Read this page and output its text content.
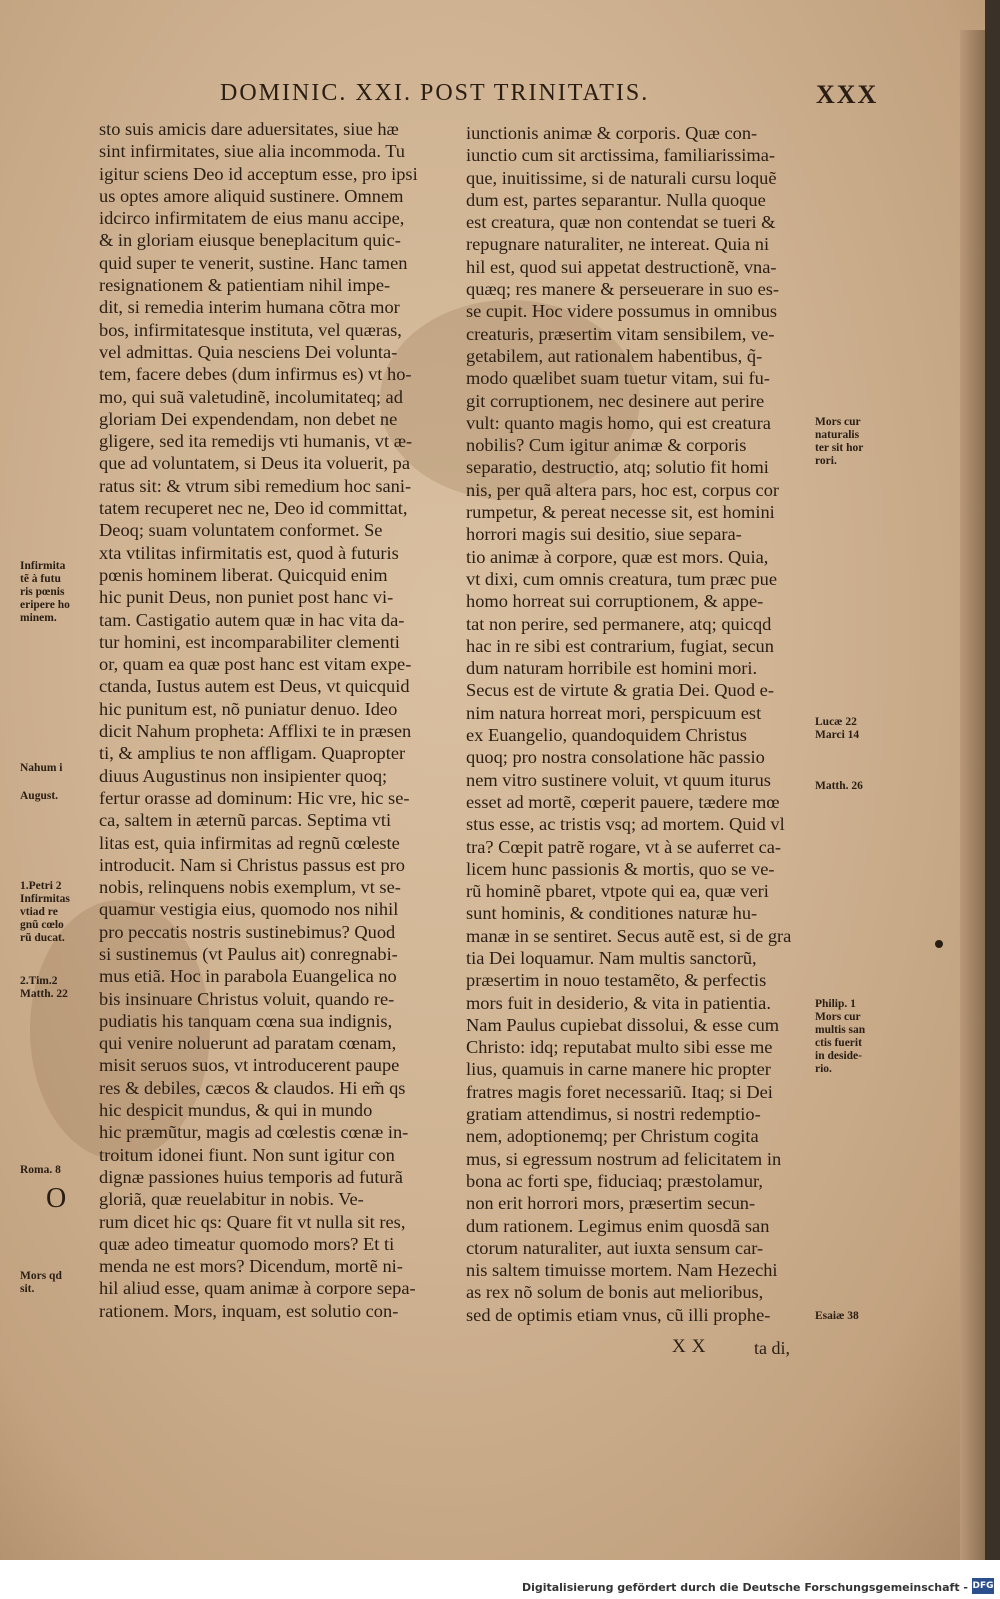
DOMINIC. XXI. POST TRINITATIS.	XXX
sto suis amicis dare aduersitates, siue hæ
sint infirmitates, siue alia incommoda. Tu
igitur sciens Deo id acceptum esse, pro ipsi
us optes amore aliquid sustinere. Omnem
idcirco infirmitatem de eius manu accipe,
& in gloriam eiusque beneplacitum quic-
quid super te venerit, sustine. Hanc tamen
resignationem & patientiam nihil impe-
dit, si remedia interim humana cõtra mor
bos, infirmitatesque instituta, vel quæras,
vel admittas. Quia nesciens Dei volunta-
tem, facere debes (dum infirmus es) vt ho-
mo, qui suã valetudinẽ, incolumitateq; ad
gloriam Dei expendendam, non debet ne
gligere, sed ita remedijs vti humanis, vt æ-
que ad voluntatem, si Deus ita voluerit, pa
ratus sit: & vtrum sibi remedium hoc sani-
tatem recuperet nec ne, Deo id committat,
Deoq; suam voluntatem conformet. Se
xta vtilitas infirmitatis est, quod à futuris
pœnis hominem liberat. Quicquid enim
hic punit Deus, non puniet post hanc vi-
tam. Castigatio autem quæ in hac vita da-
tur homini, est incomparabiliter clementi
or, quam ea quæ post hanc est vitam expe-
ctanda, Iustus autem est Deus, vt quicquid
hic punitum est, nõ puniatur denuo. Ideo
dicit Nahum propheta: Afflixi te in præsen
ti, & amplius te non affligam. Quapropter
diuus Augustinus non insipienter quoq;
fertur orasse ad dominum: Hic vre, hic se-
ca, saltem in æternũ parcas. Septima vti
litas est, quia infirmitas ad regnũ cœleste
introducit. Nam si Christus passus est pro
nobis, relinquens nobis exemplum, vt se-
quamur vestigia eius, quomodo nos nihil
pro peccatis nostris sustinebimus? Quod
si sustinemus (vt Paulus ait) conregnabi-
mus etiã. Hoc in parabola Euangelica no
bis insinuare Christus voluit, quando re-
pudiatis his tanquam cœna sua indignis,
qui venire noluerunt ad paratam cœnam,
misit seruos suos, vt introducerent paupe
res & debiles, cæcos & claudos. Hi em̃ qs
hic despicit mundus, & qui in mundo
hic præmũtur, magis ad cœlestis cœnæ in-
troitum idonei fiunt. Non sunt igitur con
dignæ passiones huius temporis ad futurã
gloriã, quæ reuelabitur in nobis. Ve-
rum dicet hic qs: Quare fit vt nulla sit res,
quæ adeo timeatur quomodo mors? Et ti
menda ne est mors? Dicendum, mortẽ ni-
hil aliud esse, quam animæ à corpore sepa-
rationem. Mors, inquam, est solutio con-
iunctionis animæ & corporis. Quæ con-
iunctio cum sit arctissima, familiarissima-
que, inuitissime, si de naturali cursu loquẽ
dum est, partes separantur. Nulla quoque
est creatura, quæ non contendat se tueri &
repugnare naturaliter, ne intereat. Quia ni
hil est, quod sui appetat destructionẽ, vna-
quæq; res manere & perseuerare in suo es-
se cupit. Hoc videre possumus in omnibus
creaturis, præsertim vitam sensibilem, ve-
getabilem, aut rationalem habentibus, q̃-
modo quælibet suam tuetur vitam, sui fu-
git corruptionem, nec desinere aut perire
vult: quanto magis homo, qui est creatura
nobilis? Cum igitur animæ & corporis
separatio, destructio, atq; solutio fit homi
nis, per quã altera pars, hoc est, corpus cor
rumpetur, & pereat necesse sit, est homini
horrori magis sui desitio, siue separa-
tio animæ à corpore, quæ est mors. Quia,
vt dixi, cum omnis creatura, tum præc pue
homo horreat sui corruptionem, & appe-
tat non perire, sed permanere, atq; quicqd
hac in re sibi est contrarium, fugiat, secun
dum naturam horribile est homini mori.
Secus est de virtute & gratia Dei. Quod e-
nim natura horreat mori, perspicuum est
ex Euangelio, quandoquidem Christus
quoq; pro nostra consolatione hãc passio
nem vitro sustinere voluit, vt quum iturus
esset ad mortẽ, cœperit pauere, tædere mœ
stus esse, ac tristis vsq; ad mortem. Quid vl
tra? Cœpit patrẽ rogare, vt à se auferret ca-
licem hunc passionis & mortis, quo se ve-
rũ hominẽ pbaret, vtpote qui ea, quæ veri
sunt hominis, & conditiones naturæ hu-
manæ in se sentiret. Secus autẽ est, si de gra
tia Dei loquamur. Nam multis sanctorũ,
præsertim in nouo testamẽto, & perfectis
mors fuit in desiderio, & vita in patientia.
Nam Paulus cupiebat dissolui, & esse cum
Christo: idq; reputabat multo sibi esse me
lius, quamuis in carne manere hic propter
fratres magis foret necessariũ. Itaq; si Dei
gratiam attendimus, si nostri redemptio-
nem, adoptionemq; per Christum cogita
mus, si egressum nostrum ad felicitatem in
bona ac forti spe, fiduciaq; præstolamur,
non erit horrori mors, præsertim secun-
dum rationem. Legimus enim quosdã san
ctorum naturaliter, aut iuxta sensum car-
nis saltem timuisse mortem. Nam Hezechi
as rex nõ solum de bonis aut melioribus,
sed de optimis etiam vnus, cũ illi prophe-
Infirmita
tẽ à futu
ris pœnis
eripere ho
minem.
Nahum i
August.
1.Petri 2
Infirmitas
vtiad re
gnũ cœlo
rũ ducat.
2.Tim.2
Matth. 22
Roma. 8
O
Mors qd
sit.
Mors cur
naturalis
ter sit hor
rori.
Lucæ 22
Marci 14
Matth. 26
Philip. 1
Mors cur
multis san
ctis fuerit
in deside-
rio.
Esaiæ 38
XX ta di,
Digitalisierung gefördert durch die Deutsche Forschungsgemeinschaft - DFG
